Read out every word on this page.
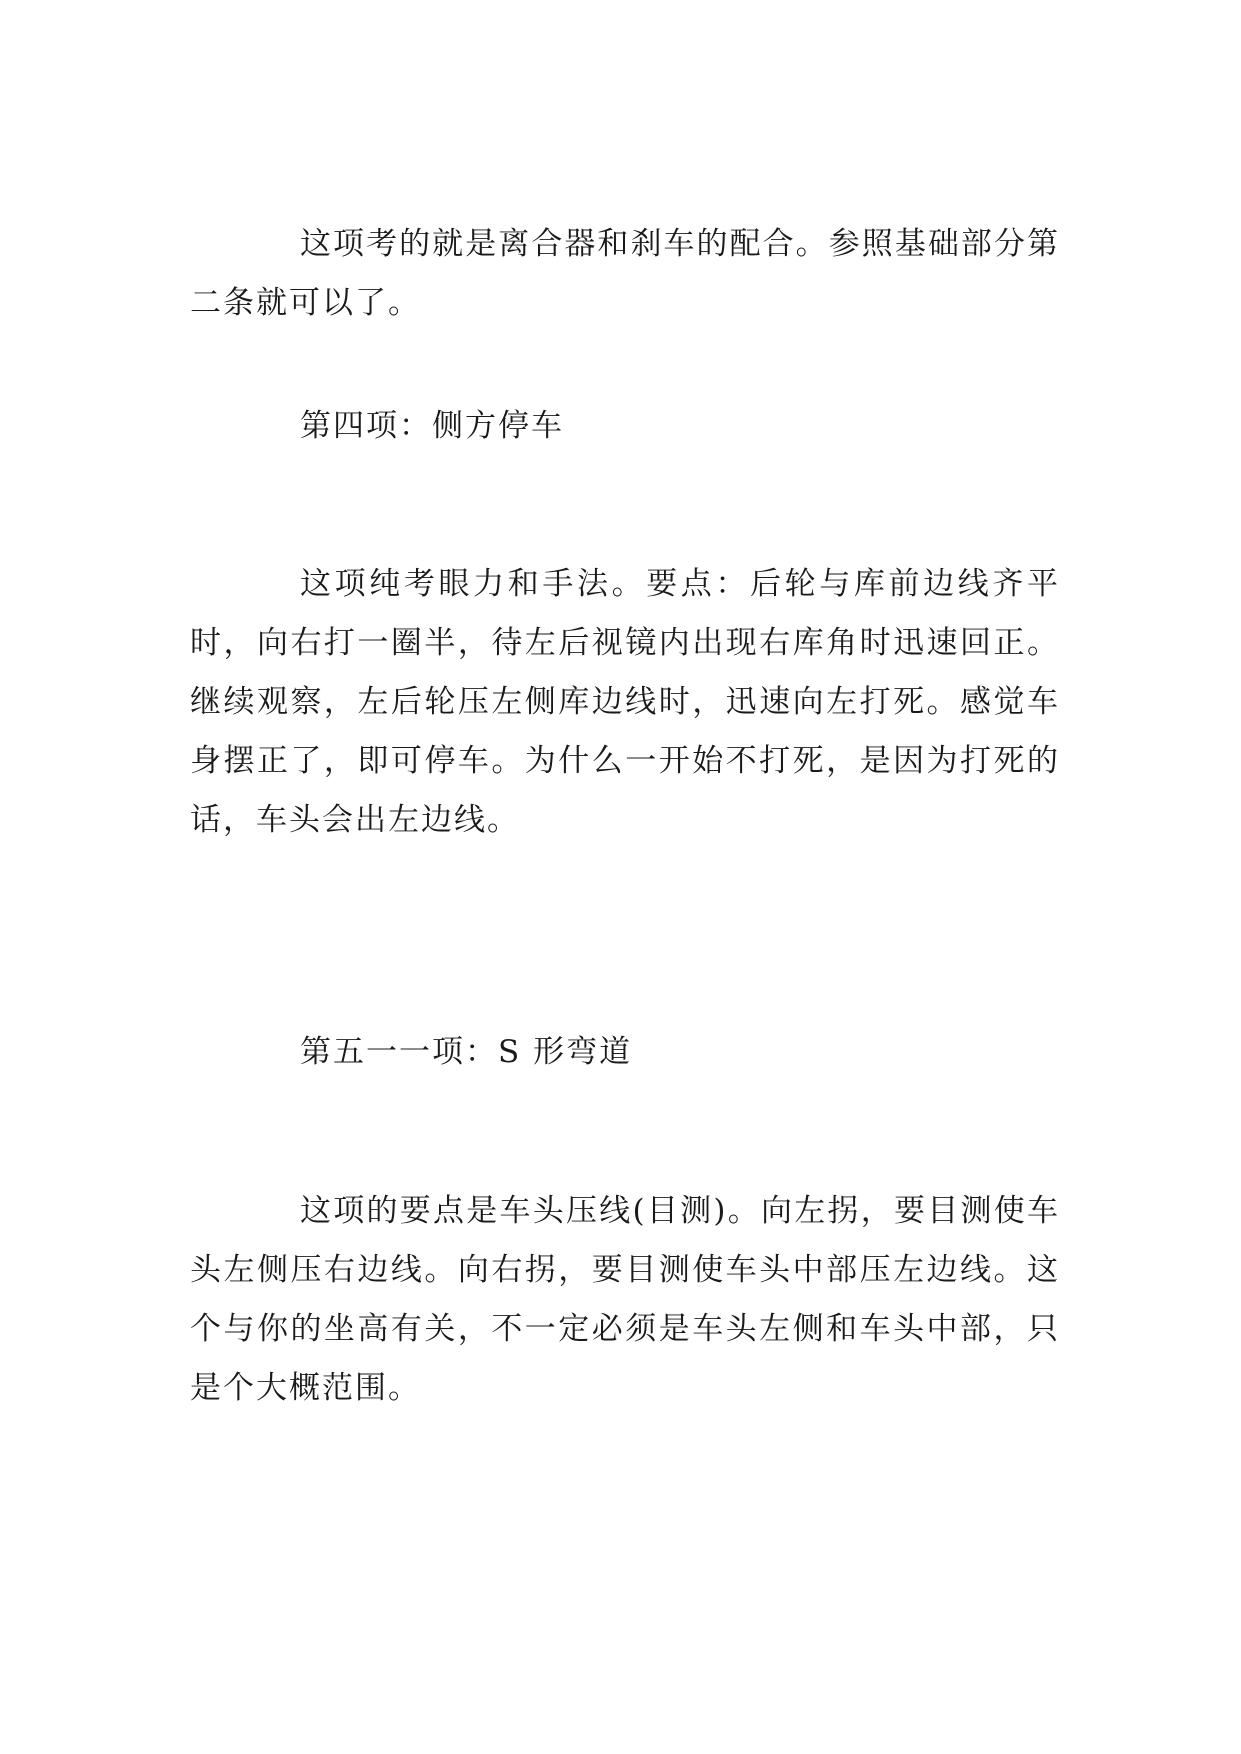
这项考的就是离合器和刹车的配合。参照基础部分第二条就可以了。

第四项：侧方停车

这项纯考眼力和手法。要点：后轮与库前边线齐平时，向右打一圈半，待左后视镜内出现右库角时迅速回正。继续观察，左后轮压左侧库边线时，迅速向左打死。感觉车身摆正了，即可停车。为什么一开始不打死，是因为打死的话，车头会出左边线。

第五一一项：S 形弯道

这项的要点是车头压线(目测)。向左拐，要目测使车头左侧压右边线。向右拐，要目测使车头中部压左边线。这个与你的坐高有关，不一定必须是车头左侧和车头中部，只是个大概范围。
